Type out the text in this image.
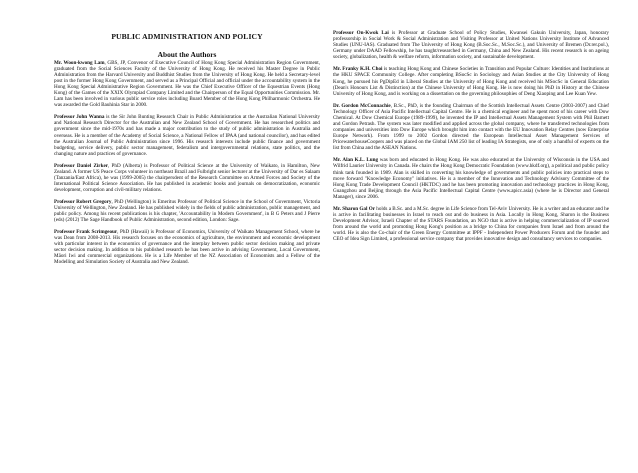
PUBLIC ADMINISTRATION AND POLICY
About the Authors

Mr. Woon-kwong Lam, GBS, JP, Convenor of Executive Council of Hong Kong Special Administration Region Government, graduated from the Social Sciences Faculty of the University of Hong Kong. He received his Master Degree in Public Administration from the Harvard University and Buddhist Studies from the University of Hong Kong. He held a Secretary-level post in the former Hong Kong Government, and served as a Principal Official and official under the accountability system in the Hong Kong Special Administrative Region Government. He was the Chief Executive Officer of the Equestrian Events (Hong Kong) of the Games of the XXIX Olympiad Company Limited and the Chairperson of the Equal Opportunities Commission. Mr. Lam has been involved in various public service roles including Board Member of the Hong Kong Philharmonic Orchestra. He was awarded the Gold Bauhinia Star in 2000.

Professor John Wanna is the Sir John Bunting Research Chair in Public Administration at the Australian National University and National Research Director for the Australian and New Zealand School of Government. He has researched politics and government since the mid-1970s and has made a major contribution to the study of public administration in Australia and overseas. He is a member of the Academy of Social Science, a National Fellow of IPAA (and national councilor), and has edited the Australian Journal of Public Administration since 1996. His research interests include public finance and government budgeting, service delivery, public sector management, federalism and intergovernmental relations, state politics, and the changing nature and practices of governance.

Professor Daniel Zirker, PhD (Alberta) is Professor of Political Science at the University of Waikato, in Hamilton, New Zealand. A former US Peace Corps volunteer in northeast Brazil and Fulbright senior lecturer at the University of Dar es Salaam (Tanzania/East Africa), he was (1999-2005) the chairpersdent of the Research Committee on Armed Forces and Society of the International Political Science Association. He has published in academic books and journals on democratization, economic development, corruption and civil-military relations.

Professor Robert Gregory, PhD (Wellington) is Emeritus Professor of Political Science in the School of Government, Victoria University of Wellington, New Zealand. He has published widely in the fields of public administration, public management, and public policy. Among his recent publications is his chapter, 'Accountability in Modern Government', in B G Peters and J Pierre (eds) (2012) The Sage Handbook of Public Administration, second edition, London: Sage.

Professor Frank Scrimgeour, PhD (Hawaii) is Professor of Economics, University of Waikato Management School, where he was Dean from 2008-2013. His research focuses on the economics of agriculture, the environment and economic development with particular interest in the economics of governance and the interplay between public sector decision making and private sector decision making. In addition to his published research he has been active in advising Government, Local Government, Māori Iwi and commercial organizations. He is a Life Member of the NZ Association of Economists and a Fellow of the Modelling and Simulation Society of Australia and New Zealand.

Professor On-Kwok Lai is Professor at Graduate School of Policy Studies, Kwansei Gakuin University, Japan, honorary professorship in Social Work & Social Administration and Visiting Professor at United Nations University Institute of Advanced Studies (UNU-IAS). Graduated from The University of Hong Kong (B.Soc.Sc., M.Soc.Sc.), and University of Bremen (Dr.rer.pol.), Germany under DAAD Fellowship, he has taught/researched in Germany, China and New Zealand. His recent research is on ageing society, globalization, health & welfare reform, information society, and sustainable development.

Mr. Franky K.H. Choi is teaching Hong Kong and Chinese Societies in Transition and Popular Culture: Identities and Institutions at the HKU SPACE Community College. After completing BSocSc in Sociology and Asian Studies at the City University of Hong Kong, he pursued his PgDipEd in Liberal Studies at the University of Hong Kong and received his MSocSc in General Education (Dean's Honours List & Distinction) at the Chinese University of Hong Kong. He is now doing his PhD in History at the Chinese University of Hong Kong, and is working on a dissertation on the governing philosophies of Deng Xiaoping and Lee Kuan Yew.

Dr. Gordon McConnachie, B.Sc., PhD, is the founding Chairman of the Scottish Intellectual Assets Centre (2003-2007) and Chief Technology Officer of Asia Pacific Intellectual Capital Centre. He is a chemical engineer and he spent most of his career with Dow Chemical. At Dow Chemical Europe (1989-1999), he invented the IP and Intellectual Assets Management System with Phil Barnett and Gordon Petrash. The system was later modified and applied across the global company, where he transferred technologies from companies and universities into Dow Europe which brought him into contact with the EU Innovation Relay Centres (now Enterprise Europe Network). From 1999 to 2002 Gordon directed the European Intellectual Asset Management Services of PricewaterhouseCoopers and was placed on the Global IAM 250 list of leading IA Strategists, one of only a handful of experts on the list from China and the ASEAN Nations.

Mr. Alan K.L. Lung was born and educated in Hong Kong. He was also educated at the University of Wisconsin in the USA and Wilfrid Laurier University in Canada. He chairs the Hong Kong Democratic Foundation (www.hkdf.org), a political and public policy think tank founded in 1989. Alan is skilled in converting his knowledge of governments and public policies into practical steps to move forward "Knowledge Economy" initiatives. He is a member of the Innovation and Technology Advisory Committee of the Hong Kong Trade Development Council (HKTDC) and he has been promoting innovation and technology practices in Hong Kong, Guangzhou and Beijing through the Asia Pacific Intellectual Capital Centre (www.apicc.asia) (where he is Director and General Manager), since 2006.

Mr. Sharon Gal Or holds a B.Sc. and a M.Sc. degree in Life Science from Tel-Aviv University. He is a writer and an educator and he is active in facilitating businesses in Israel to reach out and do business in Asia. Locally in Hong Kong, Sharon is the Business Development Advisor, Israeli Chapter of the STARS Foundation, an NGO that is active in helping commercialization of IP sourced from around the world and promoting Hong Kong's position as a bridge to China for companies from Israel and from around the world. He is also the Co-chair of the Green Energy Committee at IPPF - Independent Power Producers Forum and the founder and CEO of Idea Sign Limited, a professional service company that provides innovative design and consultancy services to companies.
